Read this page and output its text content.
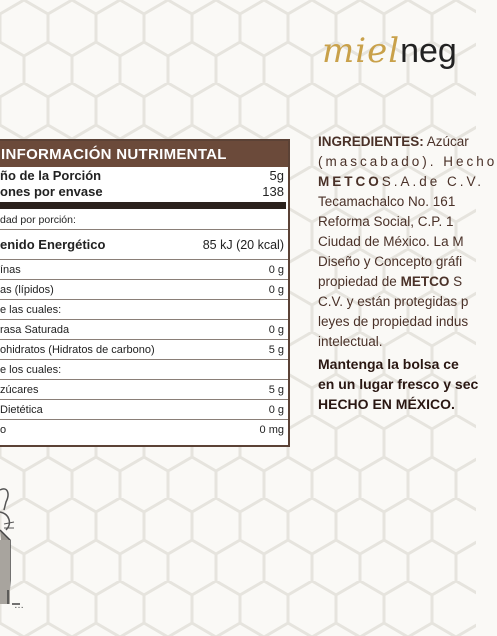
mielneg
INFORMACIÓN NUTRIMENTAL
ño de la Porción	5g
ones por envase	138
dad por porción:
enido Energético	85 kJ (20 kcal)
ínas	0 g
as (lípidos)	0 g
e las cuales:
rasa Saturada	0 g
ohidratos (Hidratos de carbono)	5 g
e los cuales:
zúcares	5 g
Dietética	0 g
o	0 mg
INGREDIENTES: Azúcar
(mascabado). Hecho
METCOS.A.de C.V.
Tecamachalco No. 161
Reforma Social, C.P. 1
Ciudad de México. La M
Diseño y Concepto gráfi
propiedad de METCO S
C.V. y están protegidas p
leyes de propiedad indus
intelectual.
Mantenga la bolsa ce
en un lugar fresco y sec
HECHO EN MÉXICO.
…
